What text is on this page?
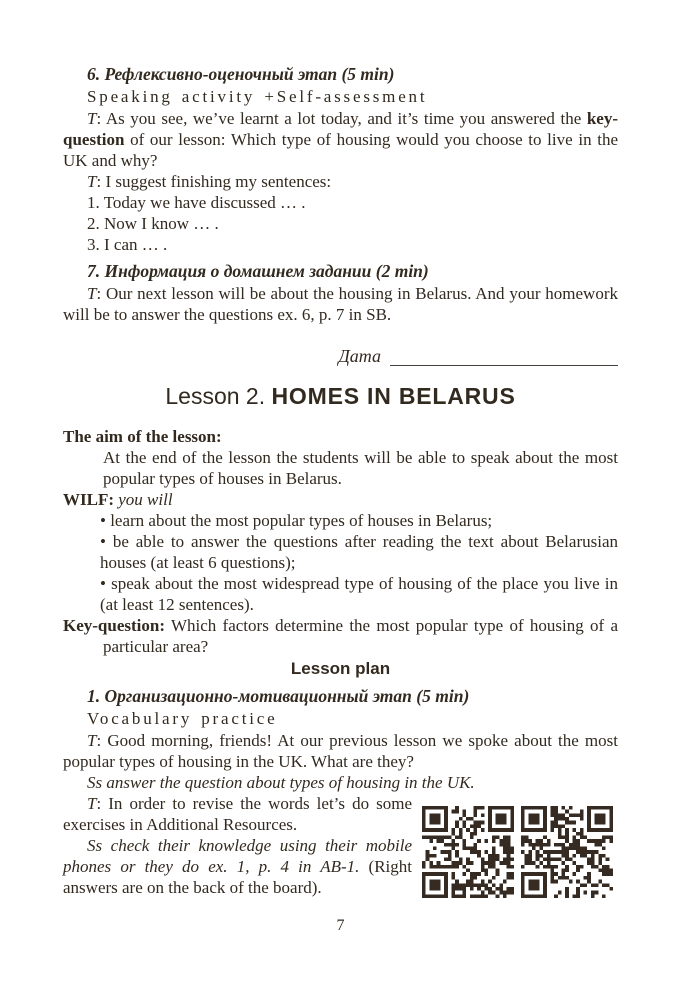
6. Рефлексивно-оценочный этап (5 min)

Speaking activity +Self-assessment

T: As you see, we’ve learnt a lot today, and it’s time you answered the key-question of our lesson: Which type of housing would you choose to live in the UK and why?

T: I suggest finishing my sentences:

1. Today we have discussed … .

2. Now I know … .

3. I can … .

7. Информация о домашнем задании (2 min)

T: Our next lesson will be about the housing in Belarus. And your homework will be to answer the questions ex. 6, p. 7 in SB.

Дата
Lesson 2. HOMES IN BELARUS

The aim of the lesson:

At the end of the lesson the students will be able to speak about the most popular types of houses in Belarus.

WILF: you will

• learn about the most popular types of houses in Belarus;
• be able to answer the questions after reading the text about Belarusian houses (at least 6 questions);
• speak about the most widespread type of housing of the place you live in (at least 12 sentences).

Key-question: Which factors determine the most popular type of housing of a particular area?

Lesson plan

1. Организационно-мотивационный этап (5 min)

Vocabulary practice

T: Good morning, friends! At our previous lesson we spoke about the most popular types of housing in the UK. What are they?

Ss answer the question about types of housing in the UK.

T: In order to revise the words let’s do some exercises in Additional Resources.

Ss check their knowledge using their mobile phones or they do ex. 1, p. 4 in AB-1. (Right answers are on the back of the board).

7
